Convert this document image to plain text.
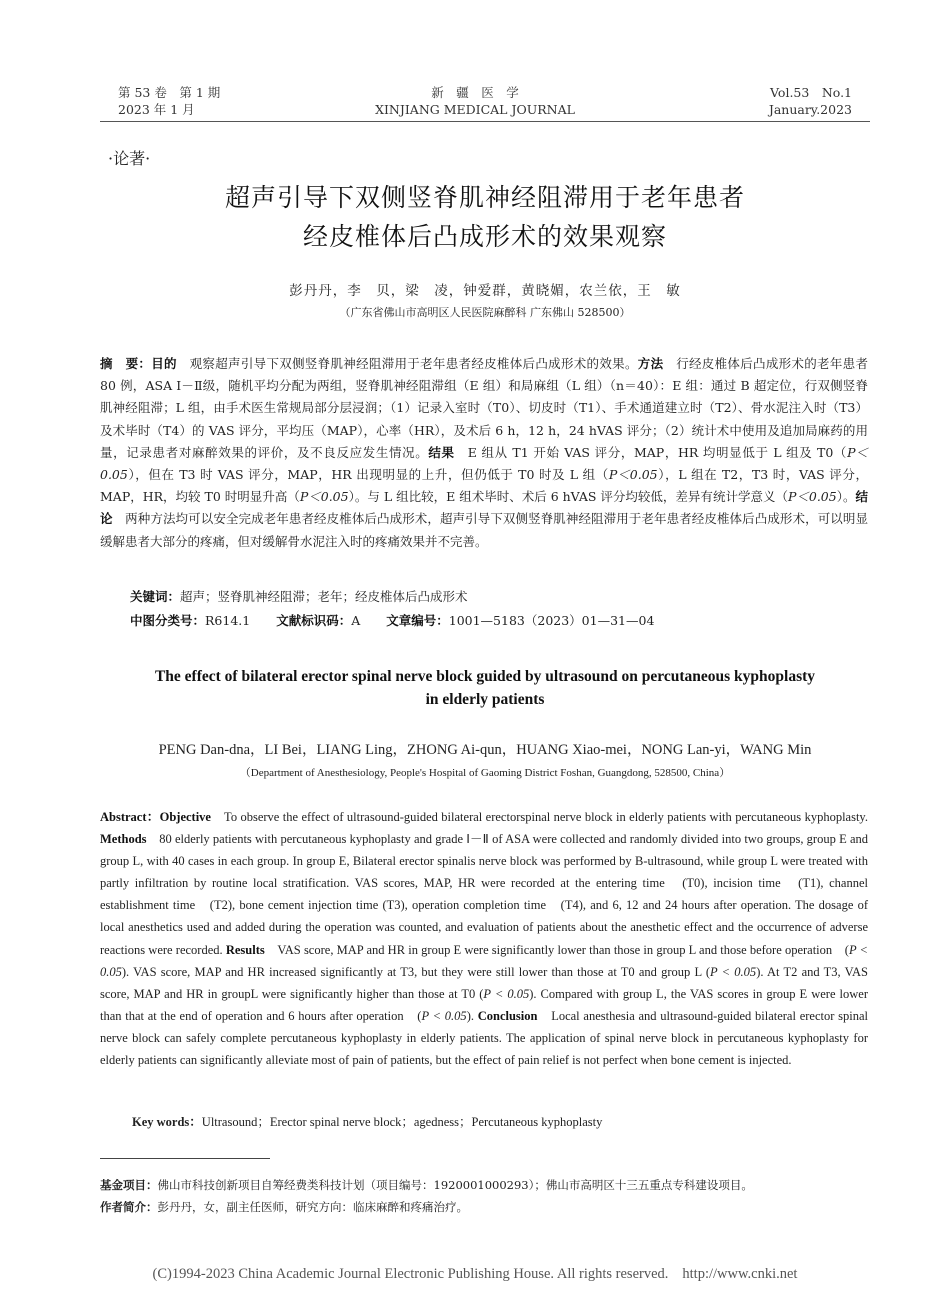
第 53 卷　第 1 期
2023 年 1 月
新　疆　医　学
XINJIANG MEDICAL JOURNAL
Vol.53　No.1
January.2023
·论著·
超声引导下双侧竖脊肌神经阻滞用于老年患者
经皮椎体后凸成形术的效果观察
彭丹丹，李　贝，梁　凌，钟爱群，黄晓媚，农兰依，王　敏
（广东省佛山市高明区人民医院麻醉科 广东佛山 528500）
摘　要：目的　观察超声引导下双侧竖脊肌神经阻滞用于老年患者经皮椎体后凸成形术的效果。方法　行经皮椎体后凸成形术的老年患者 80 例，ASA Ⅰ－Ⅱ级，随机平均分配为两组，竖脊肌神经阻滞组（E 组）和局麻组（L 组）（n＝40）：E 组：通过 B 超定位，行双侧竖脊肌神经阻滞；L 组，由手术医生常规局部分层浸润；（1）记录入室时（T0）、切皮时（T1）、手术通道建立时（T2）、骨水泥注入时（T3）及术毕时（T4）的 VAS 评分，平均压（MAP），心率（HR），及术后 6 h，12 h，24 hVAS 评分；（2）统计术中使用及追加局麻药的用量，记录患者对麻醉效果的评价，及不良反应发生情况。结果　E 组从 T1 开始 VAS 评分，MAP，HR 均明显低于 L 组及 T0（P＜0.05），但在 T3 时 VAS 评分，MAP，HR 出现明显的上升，但仍低于 T0 时及 L 组（P＜0.05），L 组在 T2，T3 时，VAS 评分，MAP，HR，均较 T0 时明显升高（P＜0.05）。与 L 组比较，E 组术毕时、术后 6 hVAS 评分均较低，差异有统计学意义（P＜0.05）。结论　两种方法均可以安全完成老年患者经皮椎体后凸成形术，超声引导下双侧竖脊肌神经阻滞用于老年患者经皮椎体后凸成形术，可以明显缓解患者大部分的疼痛，但对缓解骨水泥注入时的疼痛效果并不完善。
关键词：超声；竖脊肌神经阻滞；老年；经皮椎体后凸成形术
中图分类号：R614.1 文献标识码：A 文章编号：1001—5183（2023）01—31—04
The effect of bilateral erector spinal nerve block guided by ultrasound on percutaneous kyphoplasty
in elderly patients
PENG Dan-dna，LI Bei，LIANG Ling，ZHONG Ai-qun，HUANG Xiao-mei，NONG Lan-yi，WANG Min
（Department of Anesthesiology, People's Hospital of Gaoming District Foshan, Guangdong, 528500, China）
Abstract：Objective　To observe the effect of ultrasound-guided bilateral erectorspinal nerve block in elderly patients with percutaneous kyphoplasty. Methods　80 elderly patients with percutaneous kyphoplasty and grade Ⅰ－Ⅱ of ASA were collected and randomly divided into two groups, group E and group L, with 40 cases in each group. In group E, Bilateral erector spinalis nerve block was performed by B-ultrasound, while group L were treated with partly infiltration by routine local stratification. VAS scores, MAP, HR were recorded at the entering time　(T0), incision time　(T1), channel establishment time　(T2), bone cement injection time (T3), operation completion time　(T4), and 6, 12 and 24 hours after operation. The dosage of local anesthetics used and added during the operation was counted, and evaluation of patients about the anesthetic effect and the occurrence of adverse reactions were recorded. Results　VAS score, MAP and HR in group E were significantly lower than those in group L and those before operation　(P < 0.05). VAS score, MAP and HR increased significantly at T3, but they were still lower than those at T0 and group L (P < 0.05). At T2 and T3, VAS score, MAP and HR in groupL were significantly higher than those at T0 (P < 0.05). Compared with group L, the VAS scores in group E were lower than that at the end of operation and 6 hours after operation　(P < 0.05). Conclusion　Local anesthesia and ultrasound-guided bilateral erector spinal nerve block can safely complete percutaneous kyphoplasty in elderly patients. The application of spinal nerve block in percutaneous kyphoplasty for elderly patients can significantly alleviate most of pain of patients, but the effect of pain relief is not perfect when bone cement is injected.
Key words：Ultrasound；Erector spinal nerve block；agedness；Percutaneous kyphoplasty
基金项目：佛山市科技创新项目自筹经费类科技计划（项目编号：1920001000293）；佛山市高明区十三五重点专科建设项目。
作者简介：彭丹丹，女，副主任医师，研究方向：临床麻醉和疼痛治疗。
(C)1994-2023 China Academic Journal Electronic Publishing House. All rights reserved. http://www.cnki.net
